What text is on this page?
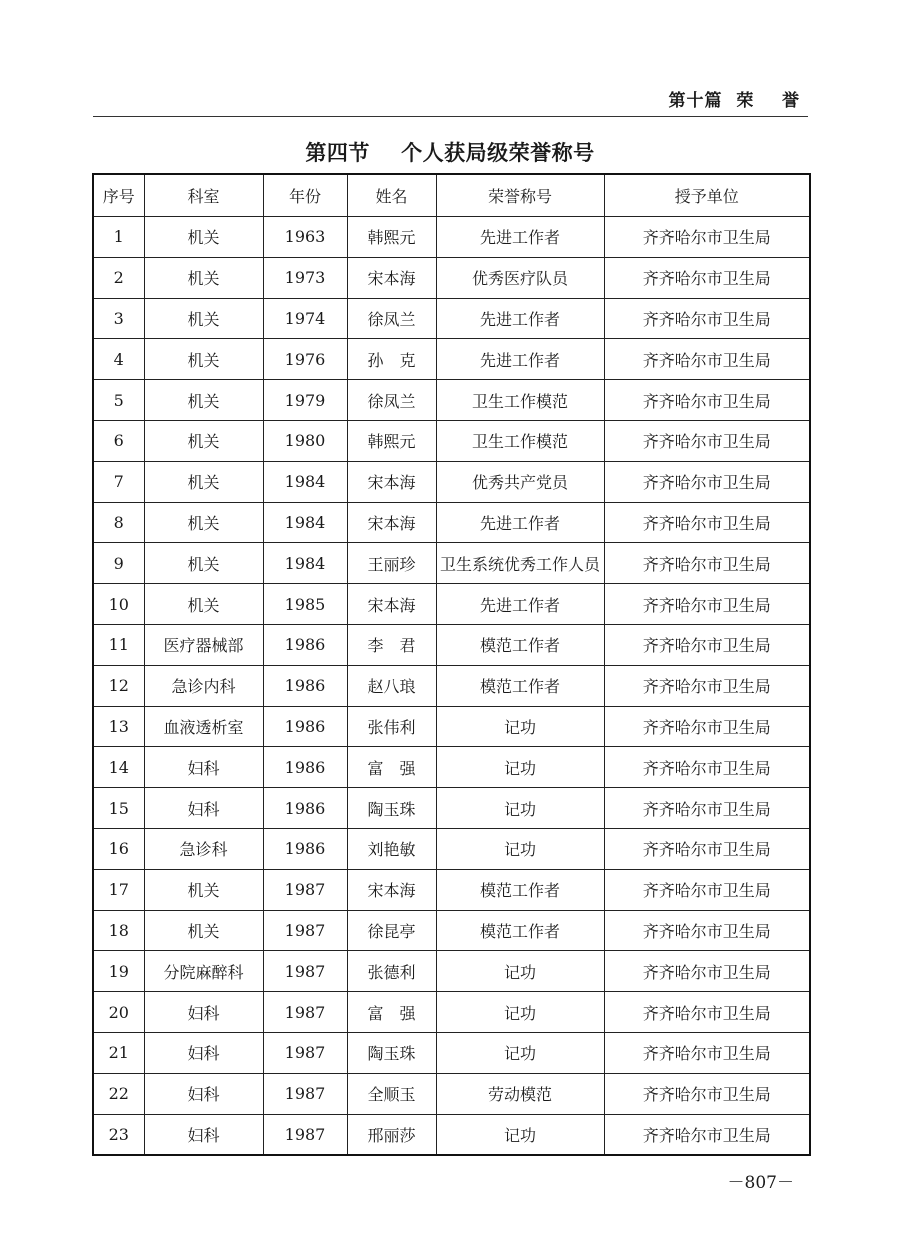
第十篇  荣    誉
第四节    个人获局级荣誉称号
序号	科室	年份	姓名	荣誉称号	授予单位
1	机关	1963	韩熙元	先进工作者	齐齐哈尔市卫生局
2	机关	1973	宋本海	优秀医疗队员	齐齐哈尔市卫生局
3	机关	1974	徐凤兰	先进工作者	齐齐哈尔市卫生局
4	机关	1976	孙　克	先进工作者	齐齐哈尔市卫生局
5	机关	1979	徐凤兰	卫生工作模范	齐齐哈尔市卫生局
6	机关	1980	韩熙元	卫生工作模范	齐齐哈尔市卫生局
7	机关	1984	宋本海	优秀共产党员	齐齐哈尔市卫生局
8	机关	1984	宋本海	先进工作者	齐齐哈尔市卫生局
9	机关	1984	王丽珍	卫生系统优秀工作人员	齐齐哈尔市卫生局
10	机关	1985	宋本海	先进工作者	齐齐哈尔市卫生局
11	医疗器械部	1986	李　君	模范工作者	齐齐哈尔市卫生局
12	急诊内科	1986	赵八琅	模范工作者	齐齐哈尔市卫生局
13	血液透析室	1986	张伟利	记功	齐齐哈尔市卫生局
14	妇科	1986	富　强	记功	齐齐哈尔市卫生局
15	妇科	1986	陶玉珠	记功	齐齐哈尔市卫生局
16	急诊科	1986	刘艳敏	记功	齐齐哈尔市卫生局
17	机关	1987	宋本海	模范工作者	齐齐哈尔市卫生局
18	机关	1987	徐昆亭	模范工作者	齐齐哈尔市卫生局
19	分院麻醉科	1987	张德利	记功	齐齐哈尔市卫生局
20	妇科	1987	富　强	记功	齐齐哈尔市卫生局
21	妇科	1987	陶玉珠	记功	齐齐哈尔市卫生局
22	妇科	1987	全顺玉	劳动模范	齐齐哈尔市卫生局
23	妇科	1987	邢丽莎	记功	齐齐哈尔市卫生局
－807－
